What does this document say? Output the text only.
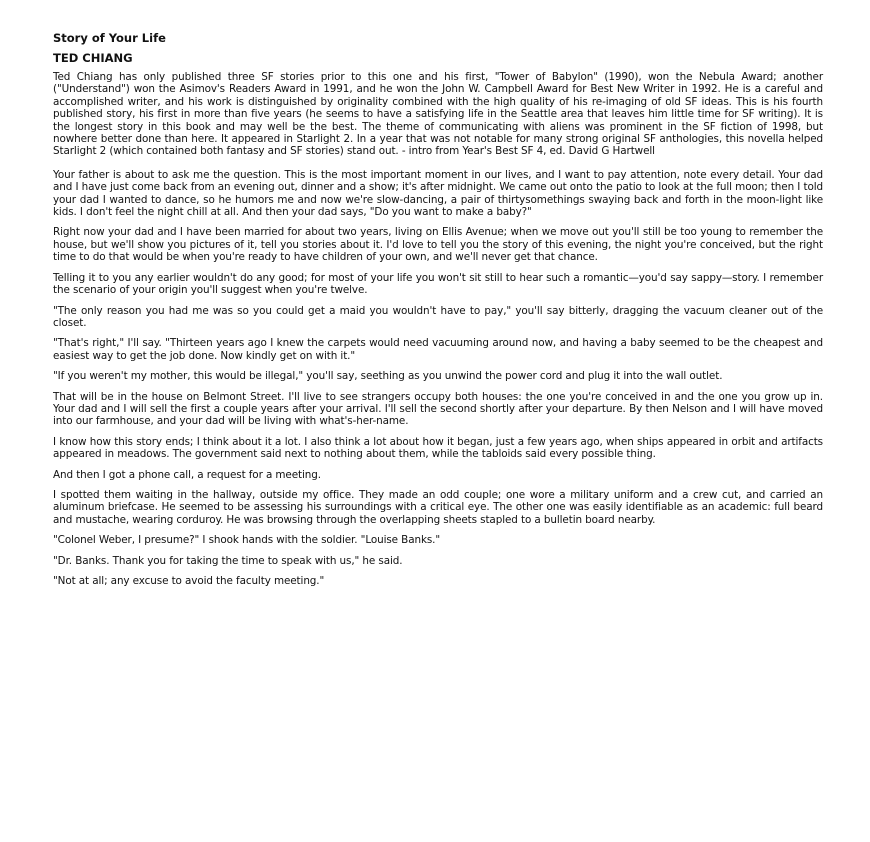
Story of Your Life
TED CHIANG

Ted Chiang has only published three SF stories prior to this one and his first, "Tower of Babylon" (1990), won the Nebula Award; another ("Understand") won the Asimov's Readers Award in 1991, and he won the John W. Campbell Award for Best New Writer in 1992. He is a careful and accomplished writer, and his work is distinguished by originality combined with the high quality of his re-imaging of old SF ideas. This is his fourth published story, his first in more than five years (he seems to have a satisfying life in the Seattle area that leaves him little time for SF writing). It is the longest story in this book and may well be the best. The theme of communicating with aliens was prominent in the SF fiction of 1998, but nowhere better done than here. It appeared in Starlight 2. In a year that was not notable for many strong original SF anthologies, this novella helped Starlight 2 (which contained both fantasy and SF stories) stand out. - intro from Year's Best SF 4, ed. David G Hartwell

Your father is about to ask me the question. This is the most important moment in our lives, and I want to pay attention, note every detail. Your dad and I have just come back from an evening out, dinner and a show; it's after midnight. We came out onto the patio to look at the full moon; then I told your dad I wanted to dance, so he humors me and now we're slow-dancing, a pair of thirtysomethings swaying back and forth in the moon-light like kids. I don't feel the night chill at all. And then your dad says, "Do you want to make a baby?"

Right now your dad and I have been married for about two years, living on Ellis Avenue; when we move out you'll still be too young to remember the house, but we'll show you pictures of it, tell you stories about it. I'd love to tell you the story of this evening, the night you're conceived, but the right time to do that would be when you're ready to have children of your own, and we'll never get that chance.

Telling it to you any earlier wouldn't do any good; for most of your life you won't sit still to hear such a romantic—you'd say sappy—story. I remember the scenario of your origin you'll suggest when you're twelve.

"The only reason you had me was so you could get a maid you wouldn't have to pay," you'll say bitterly, dragging the vacuum cleaner out of the closet.

"That's right," I'll say. "Thirteen years ago I knew the carpets would need vacuuming around now, and having a baby seemed to be the cheapest and easiest way to get the job done. Now kindly get on with it."

"If you weren't my mother, this would be illegal," you'll say, seething as you unwind the power cord and plug it into the wall outlet.

That will be in the house on Belmont Street. I'll live to see strangers occupy both houses: the one you're conceived in and the one you grow up in. Your dad and I will sell the first a couple years after your arrival. I'll sell the second shortly after your departure. By then Nelson and I will have moved into our farmhouse, and your dad will be living with what's-her-name.

I know how this story ends; I think about it a lot. I also think a lot about how it began, just a few years ago, when ships appeared in orbit and artifacts appeared in meadows. The government said next to nothing about them, while the tabloids said every possible thing.

And then I got a phone call, a request for a meeting.

I spotted them waiting in the hallway, outside my office. They made an odd couple; one wore a military uniform and a crew cut, and carried an aluminum briefcase. He seemed to be assessing his surroundings with a critical eye. The other one was easily identifiable as an academic: full beard and mustache, wearing corduroy. He was browsing through the overlapping sheets stapled to a bulletin board nearby.

"Colonel Weber, I presume?" I shook hands with the soldier. "Louise Banks."

"Dr. Banks. Thank you for taking the time to speak with us," he said.

"Not at all; any excuse to avoid the faculty meeting."
